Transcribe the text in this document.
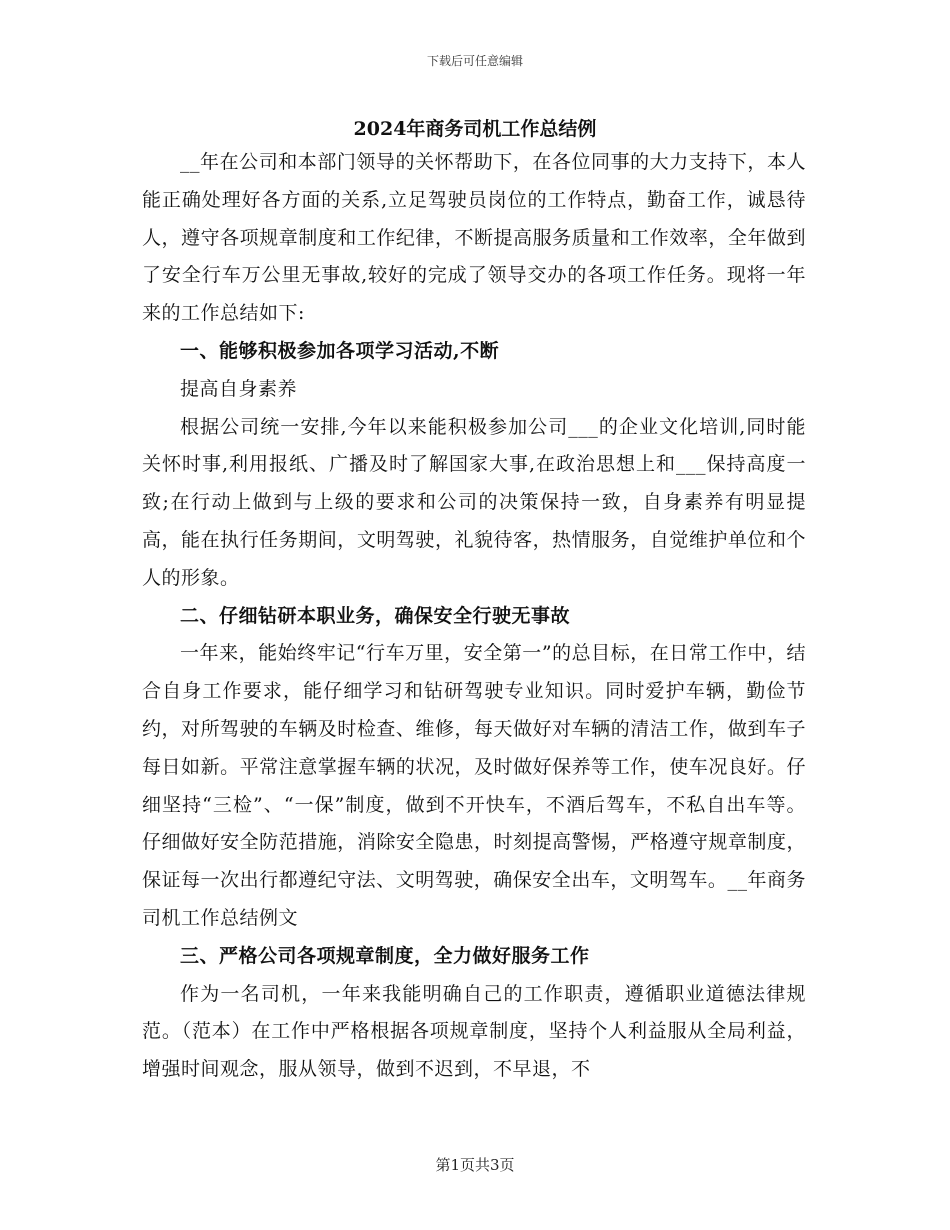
下载后可任意编辑
2024年商务司机工作总结例

__年在公司和本部门领导的关怀帮助下，在各位同事的大力支持下，本人能正确处理好各方面的关系,立足驾驶员岗位的工作特点，勤奋工作，诚恳待人，遵守各项规章制度和工作纪律，不断提高服务质量和工作效率，全年做到了安全行车万公里无事故,较好的完成了领导交办的各项工作任务。现将一年来的工作总结如下:

一、能够积极参加各项学习活动,不断

提高自身素养

根据公司统一安排,今年以来能积极参加公司___的企业文化培训,同时能关怀时事,利用报纸、广播及时了解国家大事,在政治思想上和___保持高度一致;在行动上做到与上级的要求和公司的决策保持一致，自身素养有明显提高，能在执行任务期间，文明驾驶，礼貌待客，热情服务，自觉维护单位和个人的形象。

二、仔细钻研本职业务，确保安全行驶无事故

一年来，能始终牢记“行车万里，安全第一”的总目标，在日常工作中，结合自身工作要求，能仔细学习和钻研驾驶专业知识。同时爱护车辆，勤俭节约，对所驾驶的车辆及时检查、维修，每天做好对车辆的清洁工作，做到车子每日如新。平常注意掌握车辆的状况，及时做好保养等工作，使车况良好。仔细坚持“三检”、“一保”制度，做到不开快车，不酒后驾车，不私自出车等。仔细做好安全防范措施，消除安全隐患，时刻提高警惕，严格遵守规章制度，保证每一次出行都遵纪守法、文明驾驶，确保安全出车，文明驾车。__年商务司机工作总结例文

三、严格公司各项规章制度，全力做好服务工作

作为一名司机，一年来我能明确自己的工作职责，遵循职业道德法律规范。（范本）在工作中严格根据各项规章制度，坚持个人利益服从全局利益，增强时间观念，服从领导，做到不迟到，不早退，不

第1页共3页
